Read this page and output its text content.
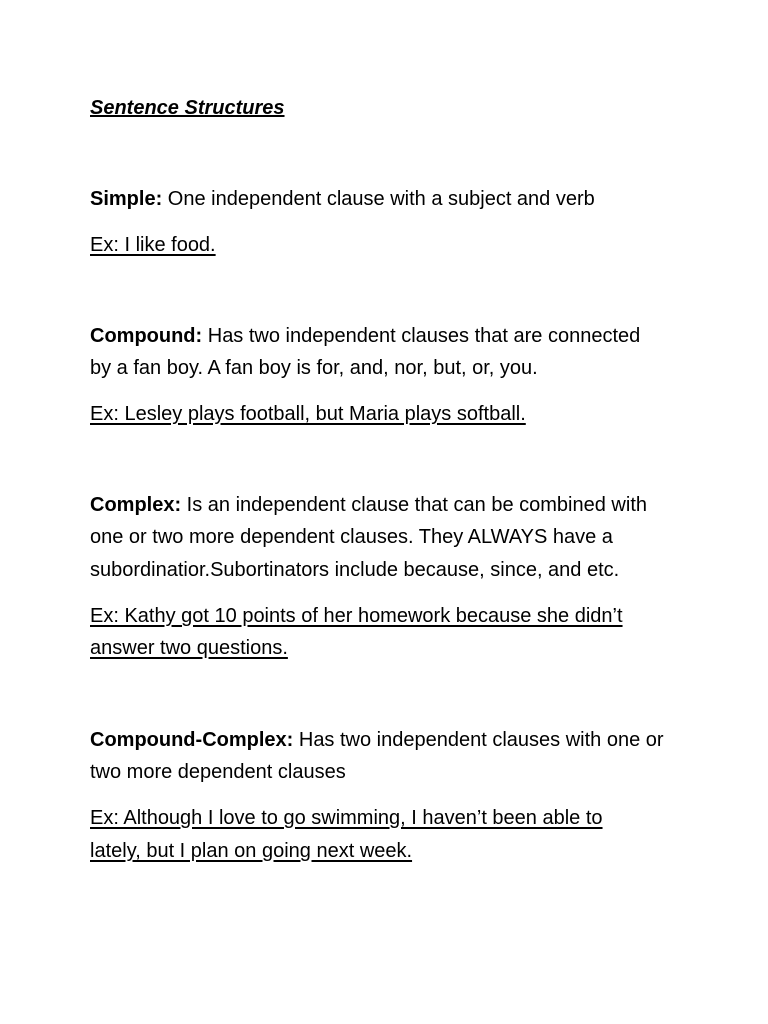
Sentence Structures
Simple: One independent clause with a subject and verb
Ex: I like food.
Compound: Has two independent clauses that are connected
by a fan boy. A fan boy is for, and, nor, but, or, you.
Ex: Lesley plays football, but Maria plays softball.
Complex: Is an independent clause that can be combined with
one or two more dependent clauses. They ALWAYS have a
subordinatior.Subortinators include because, since, and etc.
Ex: Kathy got 10 points of her homework because she didn’t
answer two questions.
Compound-Complex: Has two independent clauses with one or
two more dependent clauses
Ex: Although I love to go swimming, I haven’t been able to
lately, but I plan on going next week.
